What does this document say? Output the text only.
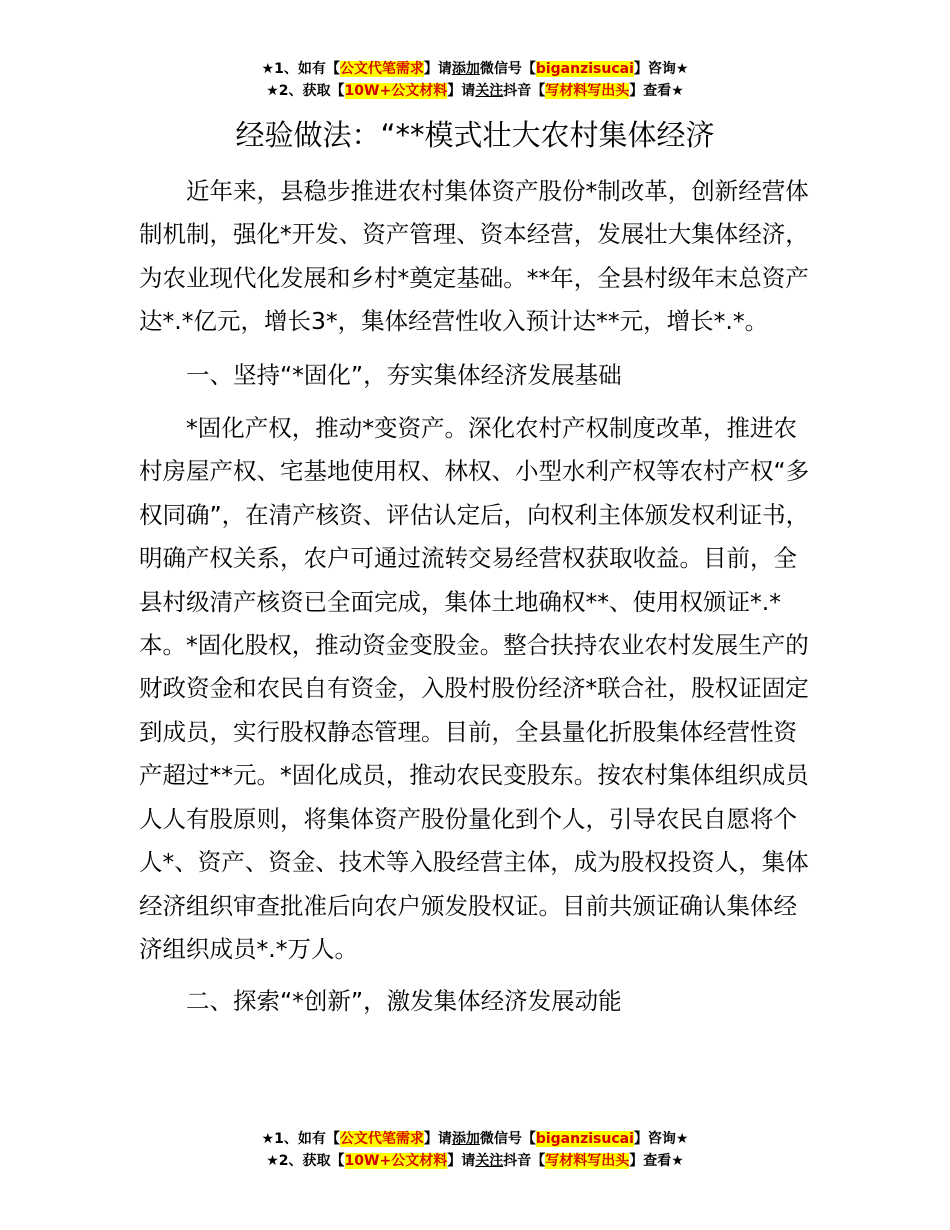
★1、如有【公文代笔需求】请添加微信号【biganzisucai】咨询★
★2、获取【10W+公文材料】请关注抖音【写材料写出头】查看★
经验做法：“**模式壮大农村集体经济

近年来，县稳步推进农村集体资产股份*制改革，创新经营体制机制，强化*开发、资产管理、资本经营，发展壮大集体经济，为农业现代化发展和乡村*奠定基础。**年，全县村级年末总资产达*.*亿元，增长3*，集体经营性收入预计达**元，增长*.*。

一、坚持“*固化”，夯实集体经济发展基础

*固化产权，推动*变资产。深化农村产权制度改革，推进农村房屋产权、宅基地使用权、林权、小型水利产权等农村产权“多权同确”，在清产核资、评估认定后，向权利主体颁发权利证书，明确产权关系，农户可通过流转交易经营权获取收益。目前，全县村级清产核资已全面完成，集体土地确权**、使用权颁证*.*本。*固化股权，推动资金变股金。整合扶持农业农村发展生产的财政资金和农民自有资金，入股村股份经济*联合社，股权证固定到成员，实行股权静态管理。目前，全县量化折股集体经营性资产超过**元。*固化成员，推动农民变股东。按农村集体组织成员人人有股原则，将集体资产股份量化到个人，引导农民自愿将个人*、资产、资金、技术等入股经营主体，成为股权投资人，集体经济组织审查批准后向农户颁发股权证。目前共颁证确认集体经济组织成员*.*万人。

二、探索“*创新”，激发集体经济发展动能

★1、如有【公文代笔需求】请添加微信号【biganzisucai】咨询★
★2、获取【10W+公文材料】请关注抖音【写材料写出头】查看★
